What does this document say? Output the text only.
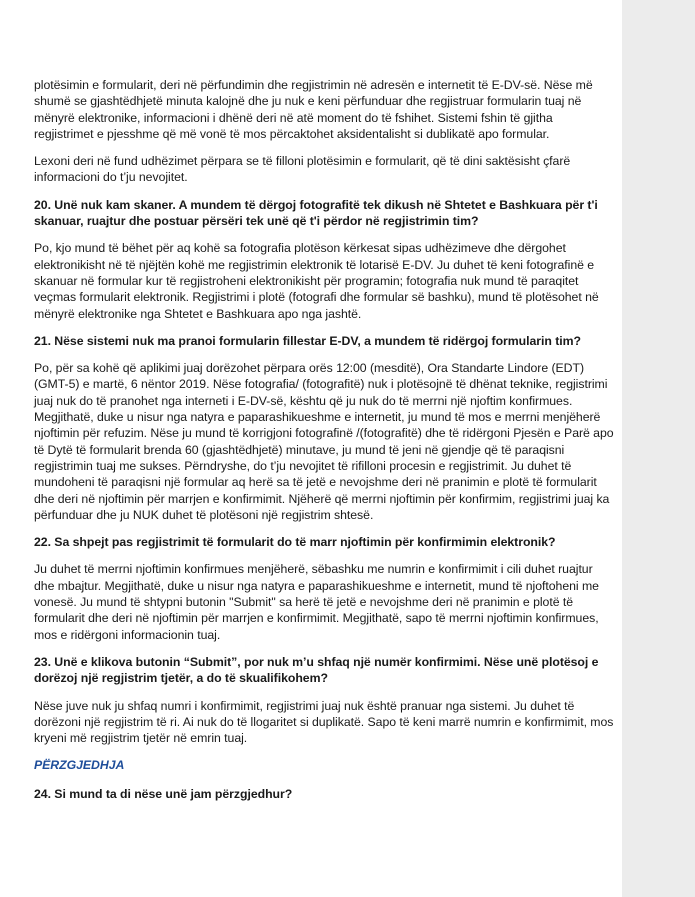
plotësimin e formularit, deri në përfundimin dhe regjistrimin në adresën e internetit të E-DV-së. Nëse më shumë se gjashtëdhjetë minuta kalojnë dhe ju nuk e keni përfunduar dhe regjistruar formularin tuaj në mënyrë elektronike, informacioni i dhënë deri në atë moment do të fshihet. Sistemi fshin të gjitha regjistrimet e pjesshme që më vonë të mos përcaktohet aksidentalisht si dublikatë apo formular.

Lexoni deri në fund udhëzimet përpara se të filloni plotësimin e formularit, që të dini saktësisht çfarë informacioni do t’ju nevojitet.

20. Unë nuk kam skaner. A mundem të dërgoj fotografitë tek dikush në Shtetet e Bashkuara për t'i skanuar, ruajtur dhe postuar përsëri tek unë që t'i përdor në regjistrimin tim?

Po, kjo mund të bëhet për aq kohë sa fotografia plotëson kërkesat sipas udhëzimeve dhe dërgohet elektronikisht në të njëjtën kohë me regjistrimin elektronik të lotarisë E-DV. Ju duhet të keni fotografinë e skanuar në formular kur të regjistroheni elektronikisht për programin; fotografia nuk mund të paraqitet veçmas formularit elektronik. Regjistrimi i plotë (fotografi dhe formular së bashku), mund të plotësohet në mënyrë elektronike nga Shtetet e Bashkuara apo nga jashtë.

21. Nëse sistemi nuk ma pranoi formularin fillestar E-DV, a mundem të ridërgoj formularin tim?

Po, për sa kohë që aplikimi juaj dorëzohet përpara orës 12:00 (mesditë), Ora Standarte Lindore (EDT) (GMT-5) e martë, 6 nëntor 2019. Nëse fotografia/ (fotografitë) nuk i plotësojnë të dhënat teknike, regjistrimi juaj nuk do të pranohet nga interneti i E-DV-së, kështu që ju nuk do të merrni një njoftim konfirmues. Megjithatë, duke u nisur nga natyra e paparashikueshme e internetit, ju mund të mos e merrni menjëherë njoftimin për refuzim. Nëse ju mund të korrigjoni fotografinë /(fotografitë) dhe të ridërgoni Pjesën e Parë apo të Dytë të formularit brenda 60 (gjashtëdhjetë) minutave, ju mund të jeni në gjendje që të paraqisni regjistrimin tuaj me sukses. Përndryshe, do t’ju nevojitet të rifilloni procesin e regjistrimit. Ju duhet të mundoheni të paraqisni një formular aq herë sa të jetë e nevojshme deri në pranimin e plotë të formularit dhe deri në njoftimin për marrjen e konfirmimit. Njëherë që merrni njoftimin për konfirmim, regjistrimi juaj ka përfunduar dhe ju NUK duhet të plotësoni një regjistrim shtesë.

22. Sa shpejt pas regjistrimit të formularit do të marr njoftimin për konfirmimin elektronik?

Ju duhet të merrni njoftimin konfirmues menjëherë, sëbashku me numrin e konfirmimit i cili duhet ruajtur dhe mbajtur. Megjithatë, duke u nisur nga natyra e paparashikueshme e internetit, mund të njoftoheni me vonesë. Ju mund të shtypni butonin "Submit" sa herë të jetë e nevojshme deri në pranimin e plotë të formularit dhe deri në njoftimin për marrjen e konfirmimit. Megjithatë, sapo të merrni njoftimin konfirmues, mos e ridërgoni informacionin tuaj.

23. Unë e klikova butonin “Submit”, por nuk m’u shfaq një numër konfirmimi. Nëse unë plotësoj e dorëzoj një regjistrim tjetër, a do të skualifikohem?

Nëse juve nuk ju shfaq numri i konfirmimit, regjistrimi juaj nuk është pranuar nga sistemi. Ju duhet të dorëzoni një regjistrim të ri. Ai nuk do të llogaritet si duplikatë. Sapo të keni marrë numrin e konfirmimit, mos kryeni më regjistrim tjetër në emrin tuaj.

PËRZGJEDHJA

24. Si mund ta di nëse unë jam përzgjedhur?
